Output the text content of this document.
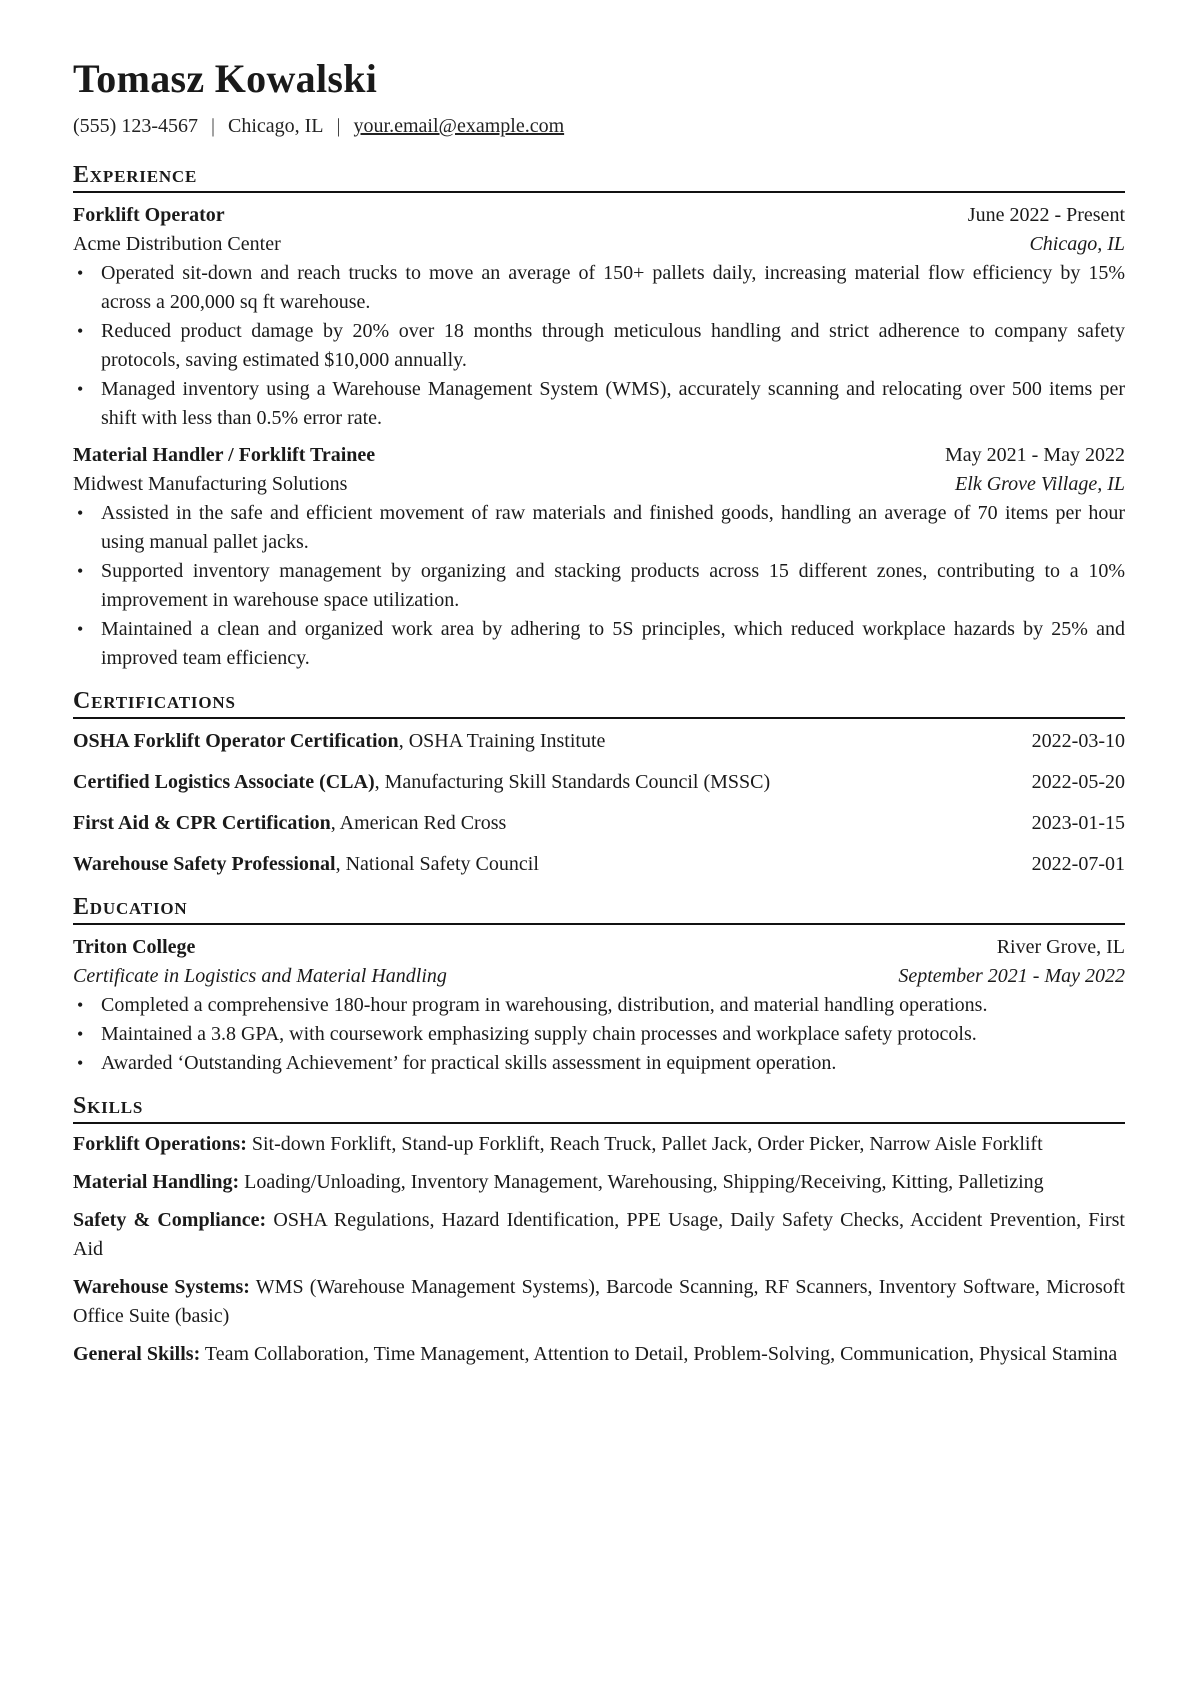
Tomasz Kowalski
(555) 123-4567 | Chicago, IL | your.email@example.com
Experience
Forklift Operator	June 2022 - Present
Acme Distribution Center	Chicago, IL
• Operated sit-down and reach trucks to move an average of 150+ pallets daily, increasing material flow efficiency by 15% across a 200,000 sq ft warehouse.
• Reduced product damage by 20% over 18 months through meticulous handling and strict adherence to company safety protocols, saving estimated $10,000 annually.
• Managed inventory using a Warehouse Management System (WMS), accurately scanning and relocating over 500 items per shift with less than 0.5% error rate.
Material Handler / Forklift Trainee	May 2021 - May 2022
Midwest Manufacturing Solutions	Elk Grove Village, IL
• Assisted in the safe and efficient movement of raw materials and finished goods, handling an average of 70 items per hour using manual pallet jacks.
• Supported inventory management by organizing and stacking products across 15 different zones, contributing to a 10% improvement in warehouse space utilization.
• Maintained a clean and organized work area by adhering to 5S principles, which reduced workplace hazards by 25% and improved team efficiency.
Certifications
OSHA Forklift Operator Certification, OSHA Training Institute	2022-03-10
Certified Logistics Associate (CLA), Manufacturing Skill Standards Council (MSSC)	2022-05-20
First Aid & CPR Certification, American Red Cross	2023-01-15
Warehouse Safety Professional, National Safety Council	2022-07-01
Education
Triton College	River Grove, IL
Certificate in Logistics and Material Handling	September 2021 - May 2022
• Completed a comprehensive 180-hour program in warehousing, distribution, and material handling operations.
• Maintained a 3.8 GPA, with coursework emphasizing supply chain processes and workplace safety protocols.
• Awarded ‘Outstanding Achievement’ for practical skills assessment in equipment operation.
Skills
Forklift Operations: Sit-down Forklift, Stand-up Forklift, Reach Truck, Pallet Jack, Order Picker, Narrow Aisle Forklift
Material Handling: Loading/Unloading, Inventory Management, Warehousing, Shipping/Receiving, Kitting, Palletizing
Safety & Compliance: OSHA Regulations, Hazard Identification, PPE Usage, Daily Safety Checks, Accident Prevention, First Aid
Warehouse Systems: WMS (Warehouse Management Systems), Barcode Scanning, RF Scanners, Inventory Software, Microsoft Office Suite (basic)
General Skills: Team Collaboration, Time Management, Attention to Detail, Problem-Solving, Communication, Physical Stamina
